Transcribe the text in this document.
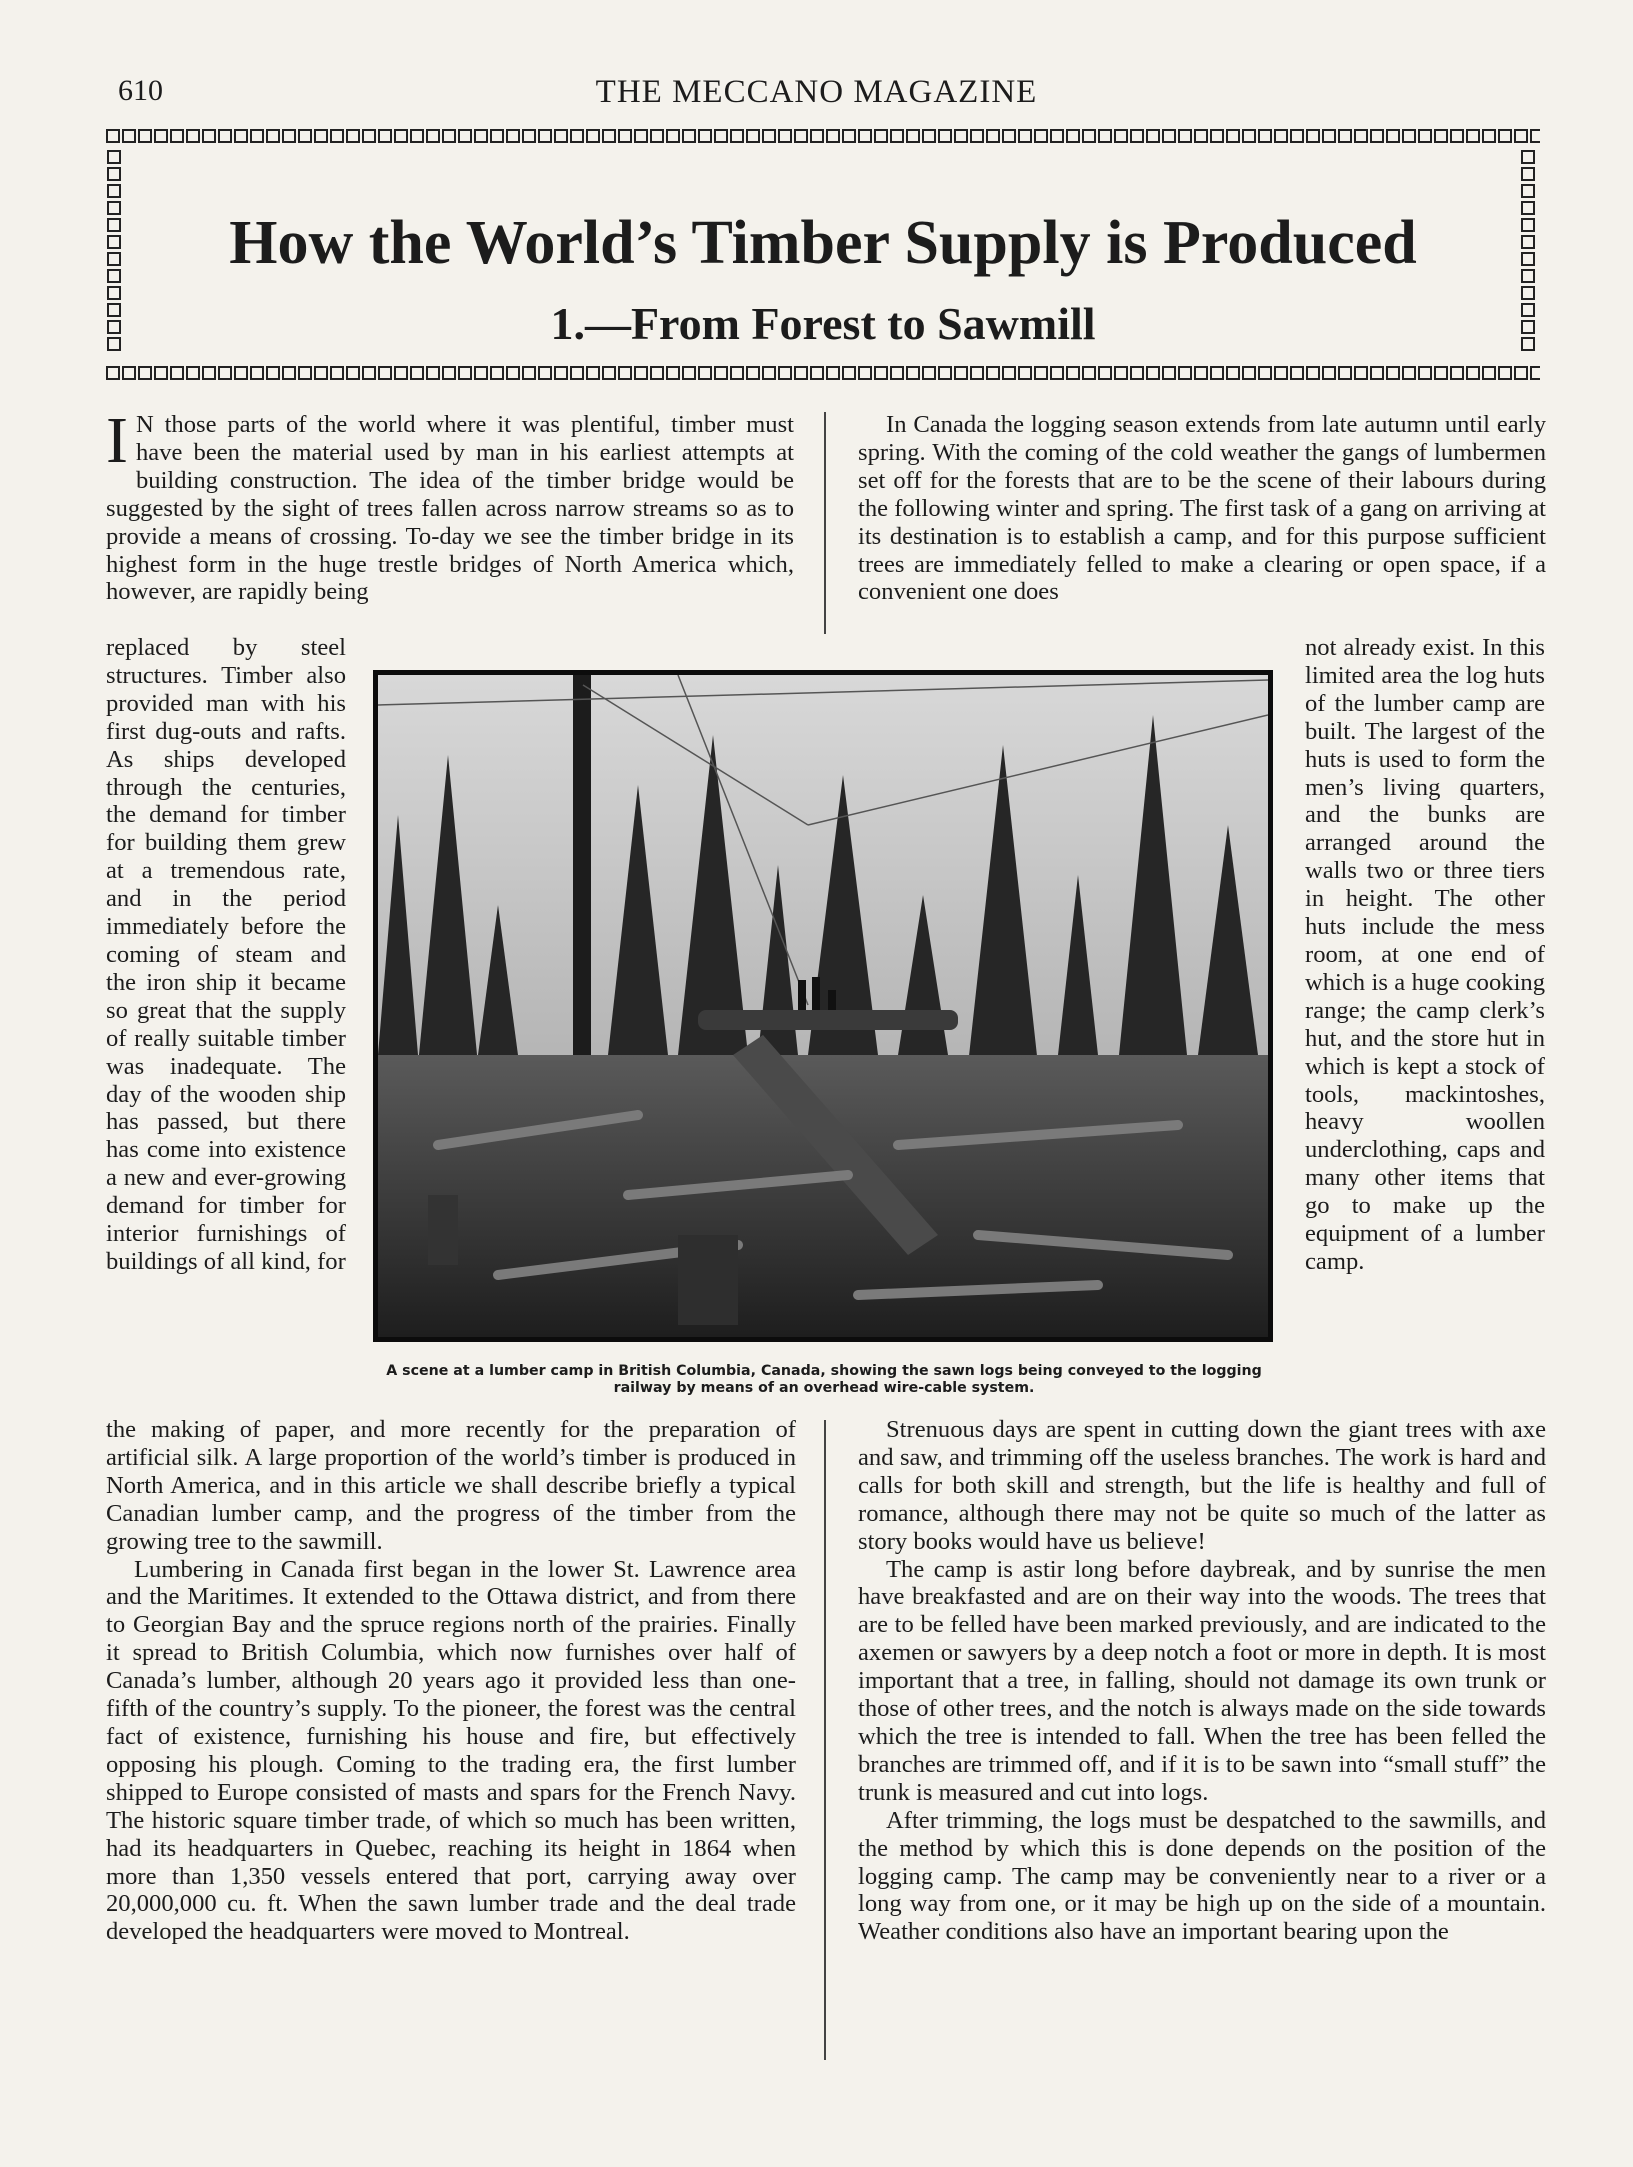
610	THE MECCANO MAGAZINE
How the World’s Timber Supply is Produced
1.—From Forest to Sawmill

I N those parts of the world where it was plentiful, timber must have been the material used by man in his earliest attempts at building construction. The idea of the timber bridge would be suggested by the sight of trees fallen across narrow streams so as to provide a means of crossing. To-day we see the timber bridge in its highest form in the huge trestle bridges of North America which, however, are rapidly being

replaced by steel structures. Timber also provided man with his first dug-outs and rafts. As ships developed through the centuries, the demand for timber for building them grew at a tremendous rate, and in the period immediately before the coming of steam and the iron ship it became so great that the supply of really suitable timber was inadequate. The day of the wooden ship has passed, but there has come into existence a new and ever-growing demand for timber for interior furnishings of buildings of all kind, for

the making of paper, and more recently for the preparation of artificial silk. A large proportion of the world’s timber is produced in North America, and in this article we shall describe briefly a typical Canadian lumber camp, and the progress of the timber from the growing tree to the sawmill.

Lumbering in Canada first began in the lower St. Lawrence area and the Maritimes. It extended to the Ottawa district, and from there to Georgian Bay and the spruce regions north of the prairies. Finally it spread to British Columbia, which now furnishes over half of Canada’s lumber, although 20 years ago it provided less than one-fifth of the country’s supply. To the pioneer, the forest was the central fact of existence, furnishing his house and fire, but effectively opposing his plough. Coming to the trading era, the first lumber shipped to Europe consisted of masts and spars for the French Navy. The historic square timber trade, of which so much has been written, had its headquarters in Quebec, reaching its height in 1864 when more than 1,350 vessels entered that port, carrying away over 20,000,000 cu. ft. When the sawn lumber trade and the deal trade developed the headquarters were moved to Montreal.

In Canada the logging season extends from late autumn until early spring. With the coming of the cold weather the gangs of lumbermen set off for the forests that are to be the scene of their labours during the following winter and spring. The first task of a gang on arriving at its destination is to establish a camp, and for this purpose sufficient trees are immediately felled to make a clearing or open space, if a convenient one does

not already exist. In this limited area the log huts of the lumber camp are built. The largest of the huts is used to form the men’s living quarters, and the bunks are arranged around the walls two or three tiers in height. The other huts include the mess room, at one end of which is a huge cooking range; the camp clerk’s hut, and the store hut in which is kept a stock of tools, mackintoshes, heavy woollen underclothing, caps and many other items that go to make up the equipment of a lumber camp.

Strenuous days are spent in cutting down the giant trees with axe and saw, and trimming off the useless branches. The work is hard and calls for both skill and strength, but the life is healthy and full of romance, although there may not be quite so much of the latter as story books would have us believe!

The camp is astir long before daybreak, and by sunrise the men have breakfasted and are on their way into the woods. The trees that are to be felled have been marked previously, and are indicated to the axemen or sawyers by a deep notch a foot or more in depth. It is most important that a tree, in falling, should not damage its own trunk or those of other trees, and the notch is always made on the side towards which the tree is intended to fall. When the tree has been felled the branches are trimmed off, and if it is to be sawn into “small stuff” the trunk is measured and cut into logs.

After trimming, the logs must be despatched to the sawmills, and the method by which this is done depends on the position of the logging camp. The camp may be conveniently near to a river or a long way from one, or it may be high up on the side of a mountain. Weather conditions also have an important bearing upon the

A scene at a lumber camp in British Columbia, Canada, showing the sawn logs being conveyed to the logging
railway by means of an overhead wire-cable system.
